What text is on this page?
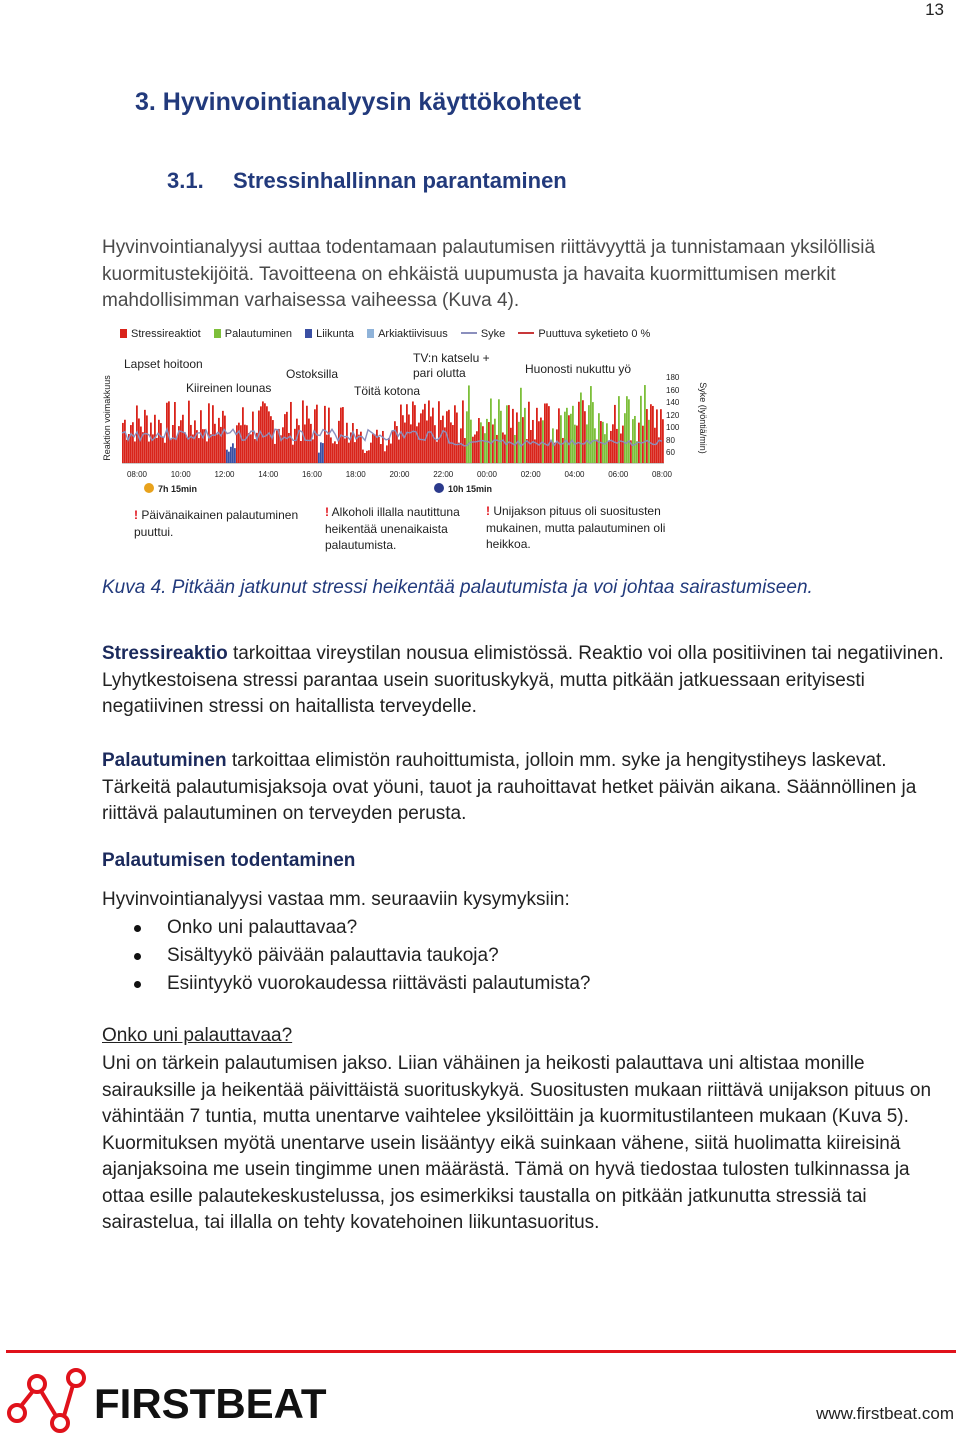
13
3. Hyvinvointianalyysin käyttökohteet
3.1. Stressinhallinnan parantaminen
Hyvinvointianalyysi auttaa todentamaan palautumisen riittävyyttä ja tunnistamaan yksilöllisiä kuormitustekijöitä. Tavoitteena on ehkäistä uupumusta ja havaita kuormittumisen merkit mahdollisimman varhaisessa vaiheessa (Kuva 4).
Stressireaktiot Palautuminen Liikunta Arkiaktiivisuus	Syke	Puuttuva syketieto 0 %
Lapset hoitoon
Kiireinen lounas
Ostoksilla
TV:n katselu +
pari olutta
Töitä kotona
Huonosti nukuttu yö
Reaktion voimakkuus	Syke (lyöntiä/min)
180
160
140
120
100
80
60
08:00	10:00	12:00	14:00	16:00	18:00	20:00	22:00	00:00	02:00	04:00	06:00	08:00
7h 15min	10h 15min
! Päivänaikainen palautuminen puuttui.
! Alkoholi illalla nautittuna heikentää unenaikaista palautumista.
! Unijakson pituus oli suositusten mukainen, mutta palautuminen oli heikkoa.
Kuva 4. Pitkään jatkunut stressi heikentää palautumista ja voi johtaa sairastumiseen.
Stressireaktio tarkoittaa vireystilan nousua elimistössä. Reaktio voi olla positiivinen tai negatiivinen. Lyhytkestoisena stressi parantaa usein suorituskykyä, mutta pitkään jatkuessaan erityisesti negatiivinen stressi on haitallista terveydelle.
Palautuminen tarkoittaa elimistön rauhoittumista, jolloin mm. syke ja hengitystiheys laskevat. Tärkeitä palautumisjaksoja ovat yöuni, tauot ja rauhoittavat hetket päivän aikana. Säännöllinen ja riittävä palautuminen on terveyden perusta.
Palautumisen todentaminen
Hyvinvointianalyysi vastaa mm. seuraaviin kysymyksiin:
Onko uni palauttavaa?
Sisältyykö päivään palauttavia taukoja?
Esiintyykö vuorokaudessa riittävästi palautumista?
Onko uni palauttavaa?
Uni on tärkein palautumisen jakso. Liian vähäinen ja heikosti palauttava uni altistaa monille sairauksille ja heikentää päivittäistä suorituskykyä. Suositusten mukaan riittävä unijakson pituus on vähintään 7 tuntia, mutta unentarve vaihtelee yksilöittäin ja kuormitustilanteen mukaan (Kuva 5). Kuormituksen myötä unentarve usein lisääntyy eikä suinkaan vähene, siitä huolimatta kiireisinä ajanjaksoina me usein tingimme unen määrästä. Tämä on hyvä tiedostaa tulosten tulkinnassa ja ottaa esille palautekeskustelussa, jos esimerkiksi taustalla on pitkään jatkunutta stressiä tai sairastelua, tai illalla on tehty kovatehoinen liikuntasuoritus.
FIRSTBEAT	www.firstbeat.com
